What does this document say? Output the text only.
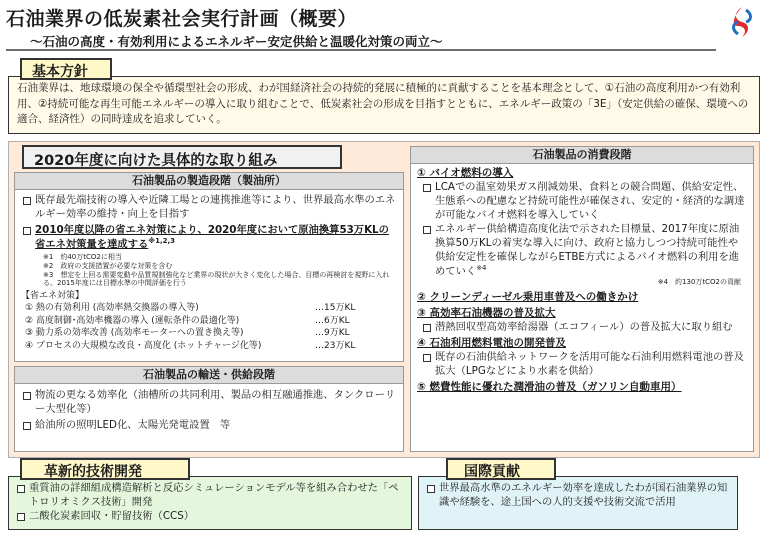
石油業界の低炭素社会実行計画（概要）
～石油の高度・有効利用によるエネルギー安定供給と温暖化対策の両立～
基本方針
石油業界は、地球環境の保全や循環型社会の形成、わが国経済社会の持続的発展に積極的に貢献することを基本理念として、①石油の高度利用かつ有効利用、②持続可能な再生可能エネルギーの導入に取り組むことで、低炭素社会の形成を目指すとともに、エネルギー政策の「3E」（安定供給の確保、環境への適合、経済性）の同時達成を追求していく。
2020年度に向けた具体的な取り組み
石油製品の製造段階（製油所）
既存最先端技術の導入や近隣工場との連携推進等により、世界最高水準のエネルギー効率の維持・向上を目指す
2010年度以降の省エネ対策により、2020年度において原油換算53万KLの省エネ対策量を達成する$^{※1,2,3}$
※1　 約40万tCO2に相当
※2　 政府の支援措置が必要な対策を含む
※3　 想定を上回る需要変動や品質規制強化など業界の現状が大きく変化した場合、目標の再検討を視野に入れる。2015年度には目標水準の中間評価を行う
【省エネ対策】
① 熱の有効利用 (高効率熱交換器の導入等)	…15万KL
② 高度制御･高効率機器の導入 (運転条件の最適化等)	…6万KL
③ 動力系の効率改善 (高効率モーターへの置き換え等)	…9万KL
④ プロセスの大規模な改良・高度化 (ホットチャージ化等)	…23万KL
石油製品の輸送・供給段階
物流の更なる効率化（油槽所の共同利用、製品の相互融通推進、タンクローリー大型化等）
給油所の照明LED化、太陽光発電設置　等
石油製品の消費段階
① バイオ燃料の導入
LCAでの温室効果ガス削減効果、食料との競合問題、供給安定性、生態系への配慮など持続可能性が確保され、安定的・経済的な調達が可能なバイオ燃料を導入していく
エネルギー供給構造高度化法で示された目標量、2017年度に原油換算50万KLの着実な導入に向け、政府と協力しつつ持続可能性や供給安定性を確保しながらETBE方式によるバイオ燃料の利用を進めていく$^{※4}$
※4　約130万tCO2の貢献
② クリーンディーゼル乗用車普及への働きかけ
③ 高効率石油機器の普及拡大
潜熱回収型高効率給湯器（エコフィール）の普及拡大に取り組む
④ 石油利用燃料電池の開発普及
既存の石油供給ネットワークを活用可能な石油利用燃料電池の普及拡大（LPGなどにより水素を供給）
⑤ 燃費性能に優れた潤滑油の普及（ガソリン自動車用）
革新的技術開発
重質油の詳細組成構造解析と反応シミュレーションモデル等を組み合わせた「ペトロリオミクス技術」開発
二酸化炭素回収・貯留技術（CCS）
国際貢献
世界最高水準のエネルギー効率を達成したわが国石油業界の知識や経験を、途上国への人的支援や技術交流で活用
